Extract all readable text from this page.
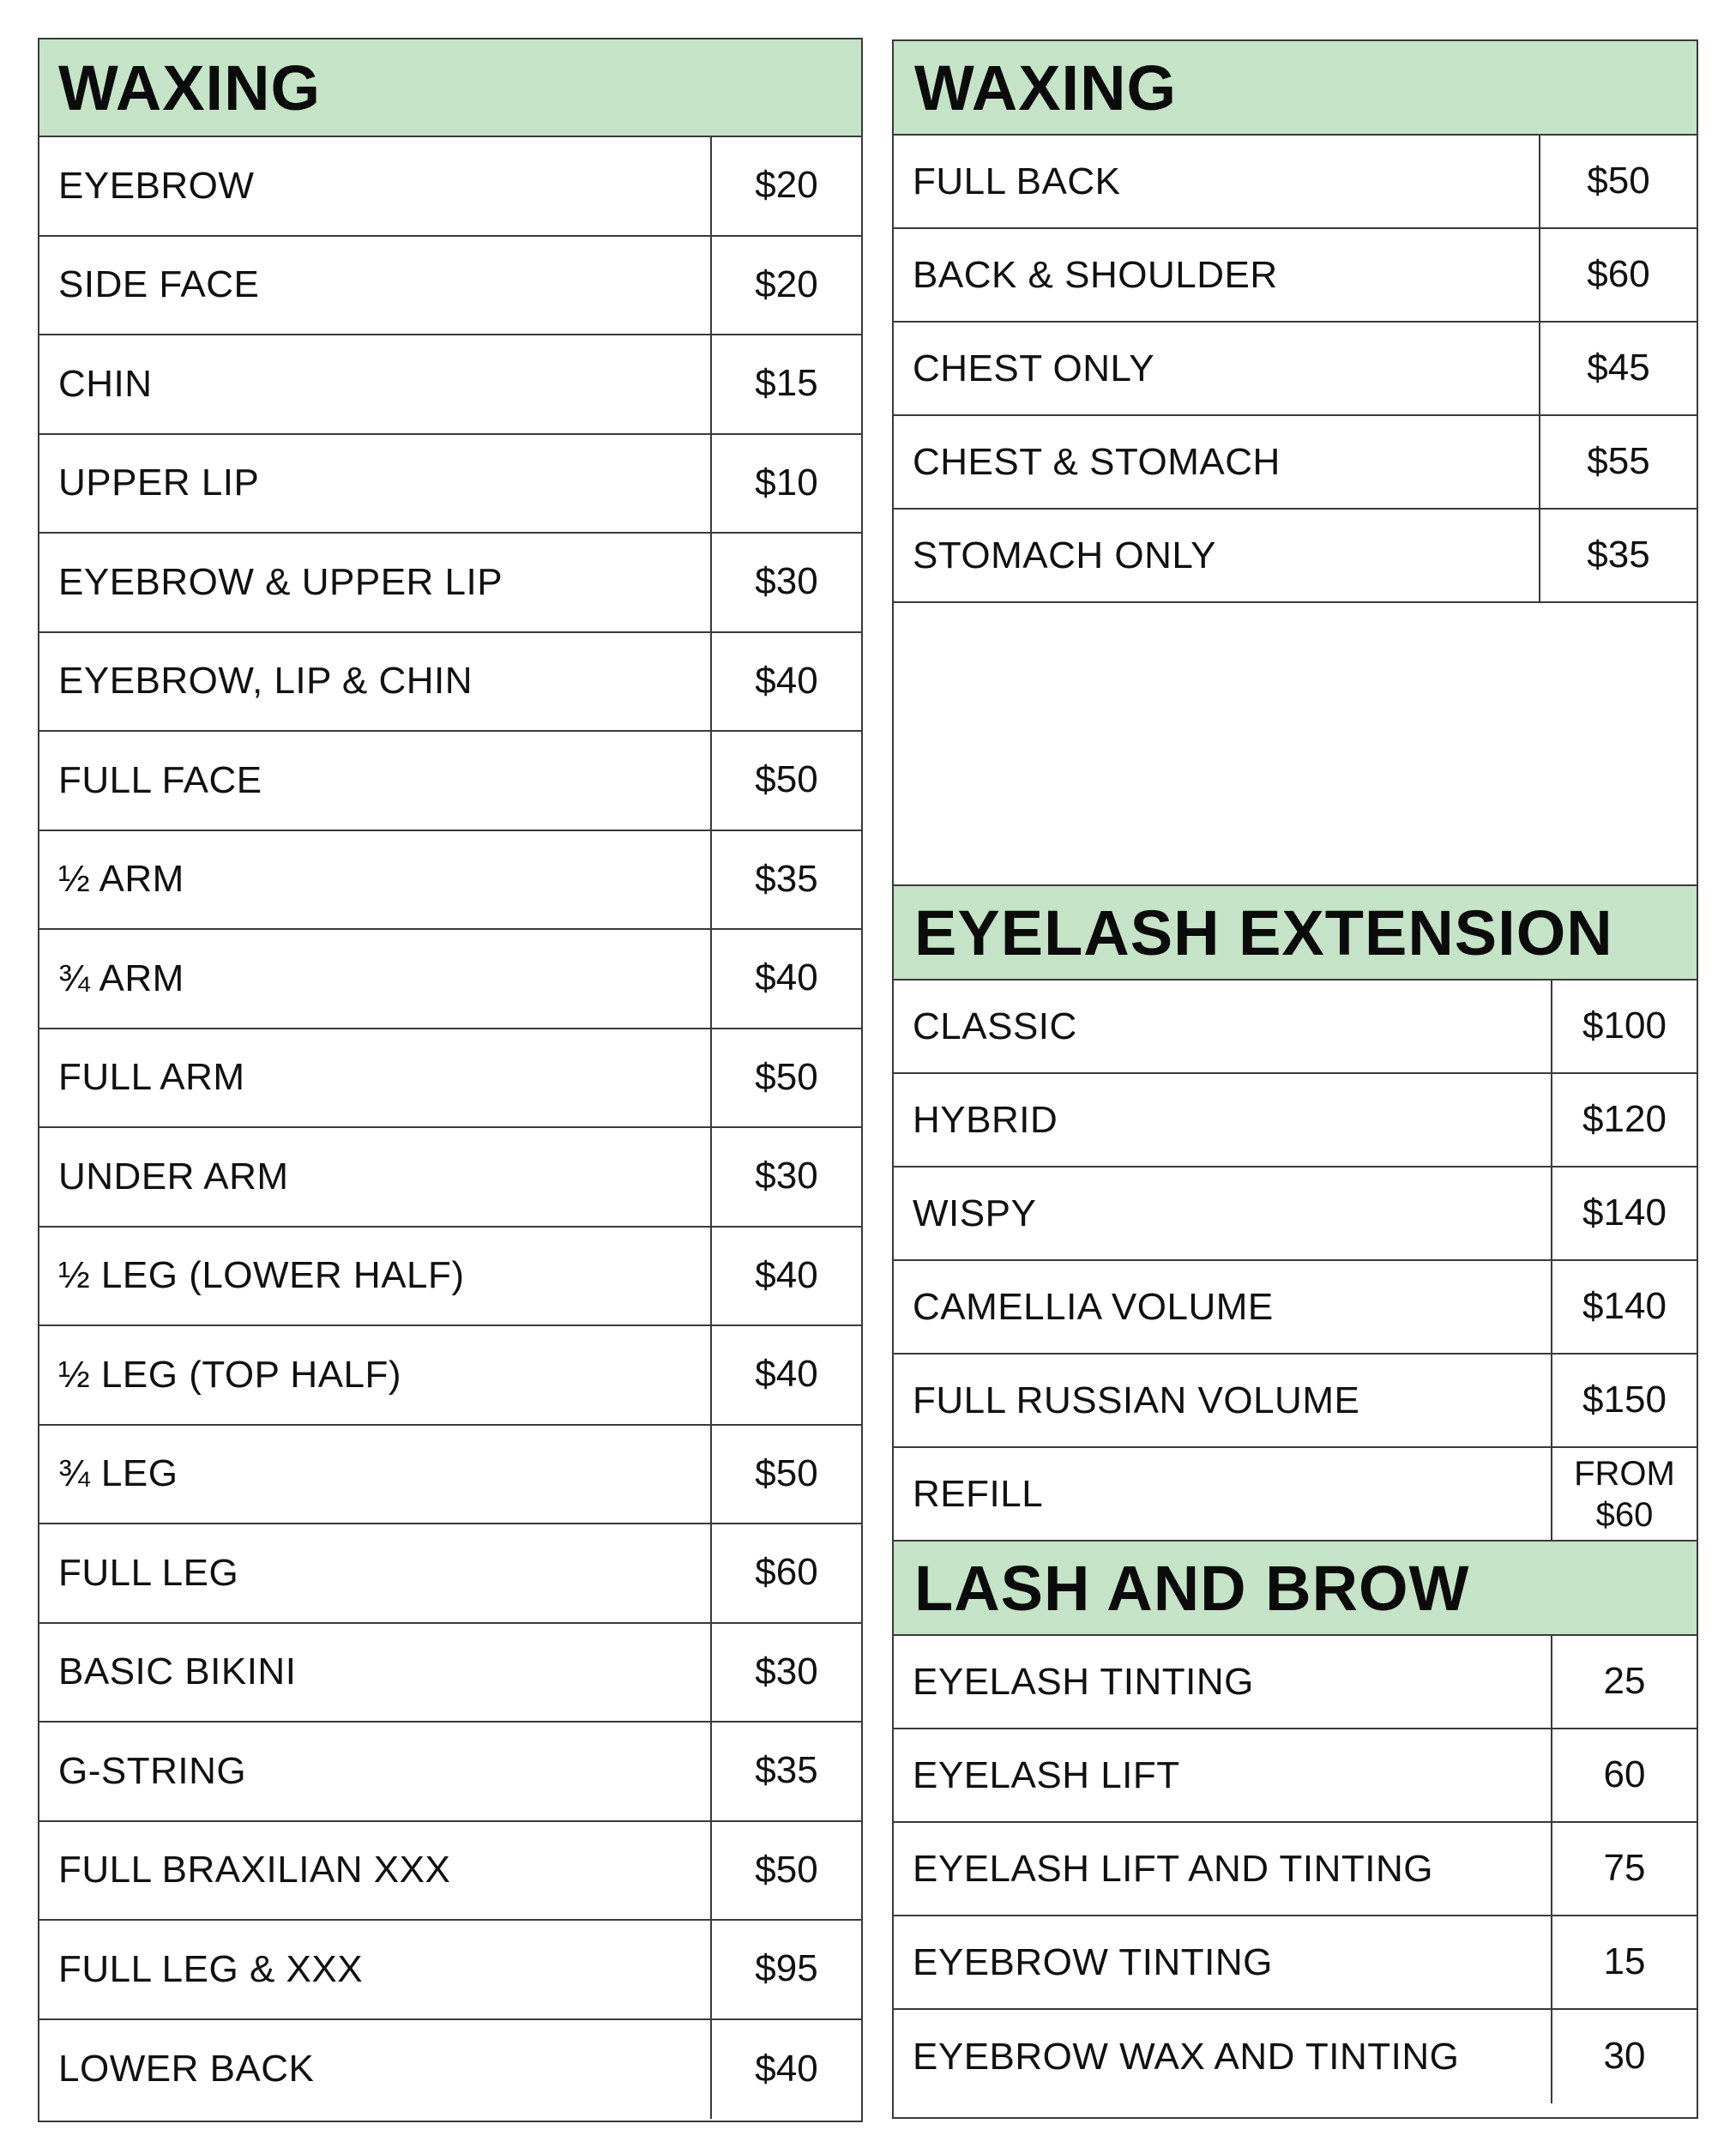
WAXING
EYEBROW	$20
SIDE FACE	$20
CHIN	$15
UPPER LIP	$10
EYEBROW & UPPER LIP	$30
EYEBROW, LIP & CHIN	$40
FULL FACE	$50
½ ARM	$35
¾ ARM	$40
FULL ARM	$50
UNDER ARM	$30
½ LEG (LOWER HALF)	$40
½ LEG (TOP HALF)	$40
¾ LEG	$50
FULL LEG	$60
BASIC BIKINI	$30
G-STRING	$35
FULL BRAXILIAN XXX	$50
FULL LEG & XXX	$95
LOWER BACK	$40
WAXING
FULL BACK	$50
BACK & SHOULDER	$60
CHEST ONLY	$45
CHEST & STOMACH	$55
STOMACH ONLY	$35
EYELASH EXTENSION
CLASSIC	$100
HYBRID	$120
WISPY	$140
CAMELLIA VOLUME	$140
FULL RUSSIAN VOLUME	$150
REFILL	FROM
$60
LASH AND BROW
EYELASH TINTING	25
EYELASH LIFT	60
EYELASH LIFT AND TINTING	75
EYEBROW TINTING	15
EYEBROW WAX AND TINTING	30
